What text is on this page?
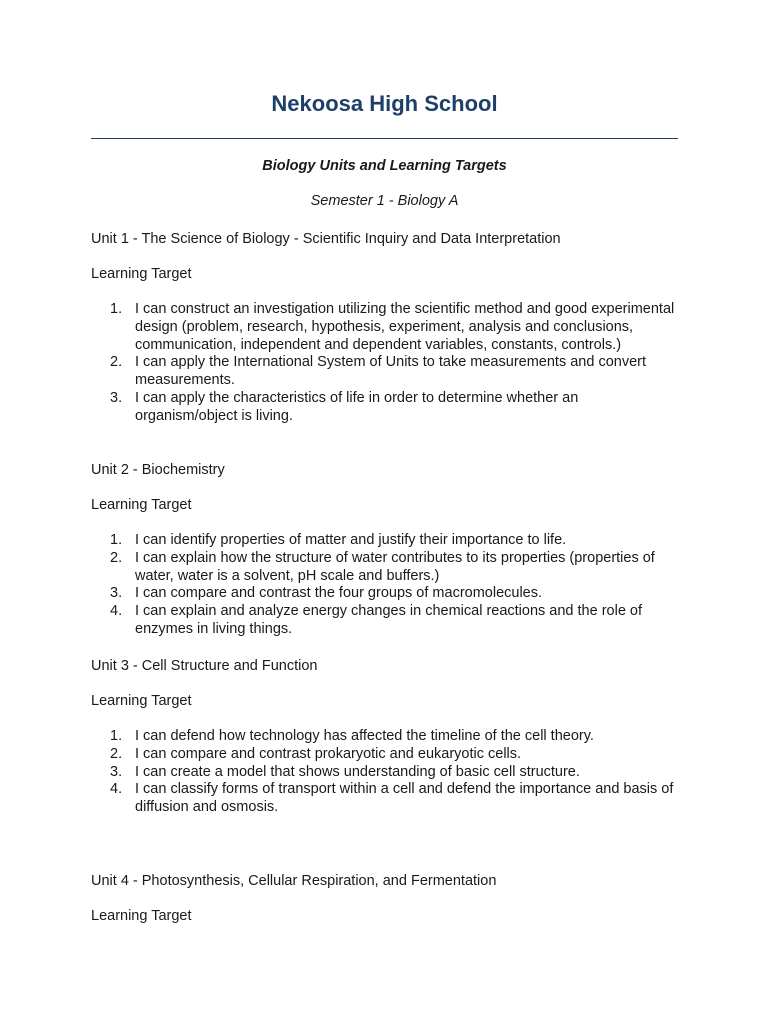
Nekoosa High School
Biology Units and Learning Targets
Semester 1 - Biology A

Unit 1 - The Science of Biology - Scientific Inquiry and Data Interpretation

Learning Target

1. I can construct an investigation utilizing the scientific method and good experimental design (problem, research, hypothesis, experiment, analysis and conclusions, communication, independent and dependent variables, constants, controls.)
2. I can apply the International System of Units to take measurements and convert measurements.
3. I can apply the characteristics of life in order to determine whether an organism/object is living.

Unit 2 - Biochemistry

Learning Target

1. I can identify properties of matter and justify their importance to life.
2. I can explain how the structure of water contributes to its properties (properties of water, water is a solvent, pH scale and buffers.)
3. I can compare and contrast the four groups of macromolecules.
4. I can explain and analyze energy changes in chemical reactions and the role of enzymes in living things.

Unit 3 - Cell Structure and Function

Learning Target

1. I can defend how technology has affected the timeline of the cell theory.
2. I can compare and contrast prokaryotic and eukaryotic cells.
3. I can create a model that shows understanding of basic cell structure.
4. I can classify forms of transport within a cell and defend the importance and basis of diffusion and osmosis.

Unit 4 - Photosynthesis, Cellular Respiration, and Fermentation

Learning Target
